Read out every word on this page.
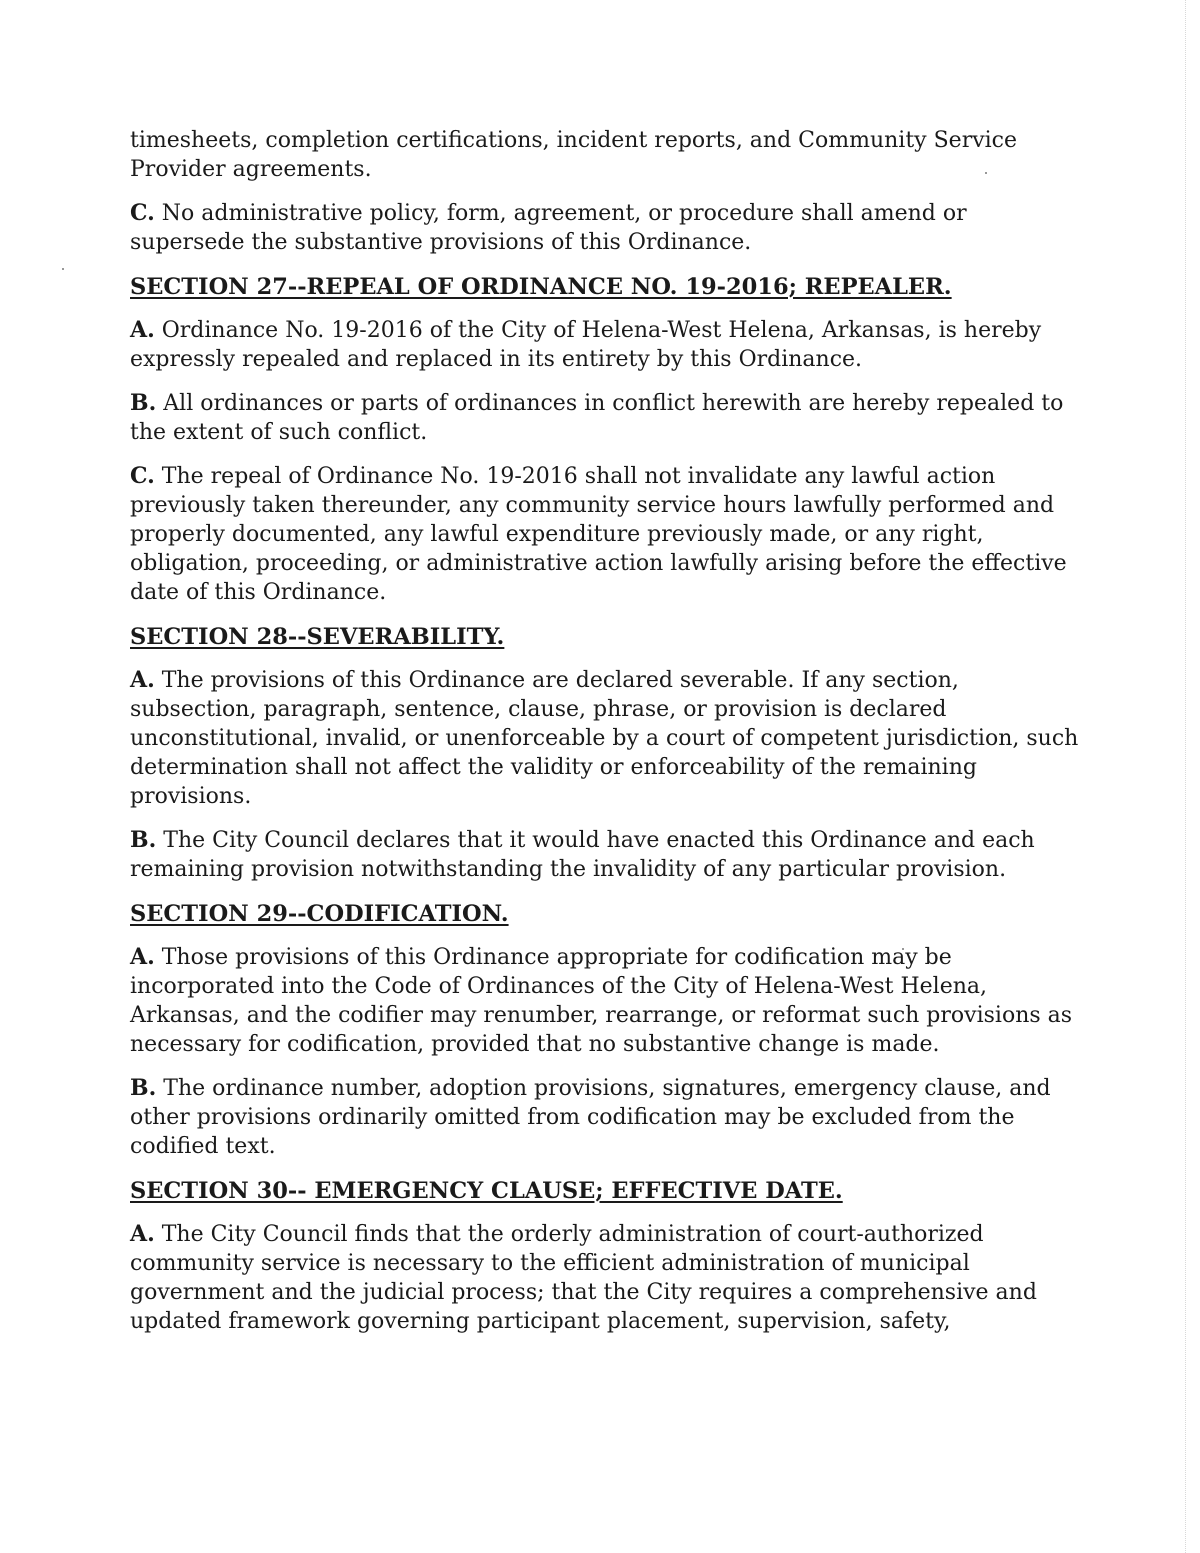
timesheets, completion certifications, incident reports, and Community Service
Provider agreements.

C. No administrative policy, form, agreement, or procedure shall amend or
supersede the substantive provisions of this Ordinance.

SECTION 27--REPEAL OF ORDINANCE NO. 19-2016; REPEALER.

A. Ordinance No. 19-2016 of the City of Helena-West Helena, Arkansas, is hereby
expressly repealed and replaced in its entirety by this Ordinance.

B. All ordinances or parts of ordinances in conflict herewith are hereby repealed to
the extent of such conflict.

C. The repeal of Ordinance No. 19-2016 shall not invalidate any lawful action
previously taken thereunder, any community service hours lawfully performed and
properly documented, any lawful expenditure previously made, or any right,
obligation, proceeding, or administrative action lawfully arising before the effective
date of this Ordinance.

SECTION 28--SEVERABILITY.

A. The provisions of this Ordinance are declared severable. If any section,
subsection, paragraph, sentence, clause, phrase, or provision is declared
unconstitutional, invalid, or unenforceable by a court of competent jurisdiction, such
determination shall not affect the validity or enforceability of the remaining
provisions.

B. The City Council declares that it would have enacted this Ordinance and each
remaining provision notwithstanding the invalidity of any particular provision.

SECTION 29--CODIFICATION.

A. Those provisions of this Ordinance appropriate for codification may be
incorporated into the Code of Ordinances of the City of Helena-West Helena,
Arkansas, and the codifier may renumber, rearrange, or reformat such provisions as
necessary for codification, provided that no substantive change is made.

B. The ordinance number, adoption provisions, signatures, emergency clause, and
other provisions ordinarily omitted from codification may be excluded from the
codified text.

SECTION 30-- EMERGENCY CLAUSE; EFFECTIVE DATE.

A. The City Council finds that the orderly administration of court-authorized
community service is necessary to the efficient administration of municipal
government and the judicial process; that the City requires a comprehensive and
updated framework governing participant placement, supervision, safety,
